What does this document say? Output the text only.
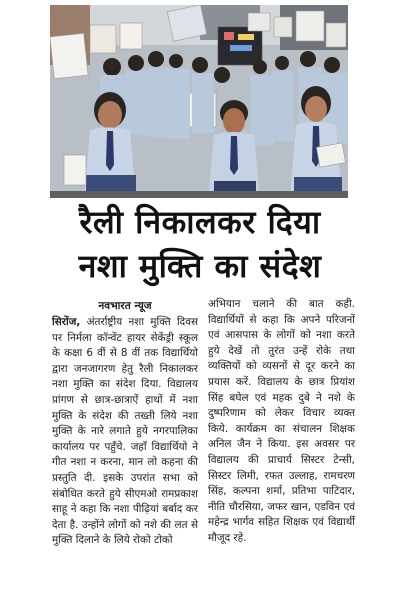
रैली निकालकर दिया
नशा मुक्ति का संदेश
नवभारत न्यूज

सिरोंज, अंतर्राष्ट्रीय नशा मुक्ति दिवस पर निर्मला कॉन्वेंट हायर सेकेंड्री स्कूल के कक्षा 6 वीं से 8 वीं तक विद्यार्थियो द्वारा जनजागरण हेतु रैली निकालकर नशा मुक्ति का संदेश दिया. विद्यालय प्रांगण से छात्र-छात्राऐं हाथों में नशा मुक्ति के संदेश की तख्ती लिये नशा मुक्ति के नारे लगाते हुये नगरपालिका कार्यालय पर पहुँचे. जहाँ विद्यार्थियो ने गीत नशा न करना, मान लो कहना की प्रस्तुति दी. इसके उपरांत सभा को संबोधित करते हुये सीएमओ रामप्रकाश साहू ने कहा कि नशा पीढ़ियां बर्बाद कर देता है. उन्होंने लोगों को नशे की लत से मुक्ति दिलाने के लिये रोको टोको

अभियान चलाने की बात कही. विद्यार्थियों से कहा कि अपने परिजनों एवं आसपास के लोगों को नशा करते हुये देखें तो तुरंत उन्हें रोके तथा व्यक्तियों को व्यसनों से दूर करने का प्रयास करें. विद्यालय के छात्र प्रियांश सिंह बघेल एवं महक दुबे ने नशे के दुष्परिणाम को लेकर विचार व्यक्त किये. कार्यक्रम का संचालन शिक्षक अनिल जैन ने किया. इस अवसर पर विद्यालय की प्राचार्य सिस्टर टेन्सी, सिस्टर लिमी, रफत उल्लाह, रामचरण सिंह, कल्पना शर्मा, प्रतिभा पाटिदार, नीति चौरसिया, जफर खान, एडविन एवं महेन्द्र भार्गव सहित शिक्षक एवं विद्यार्थी मौजूद रहे.
